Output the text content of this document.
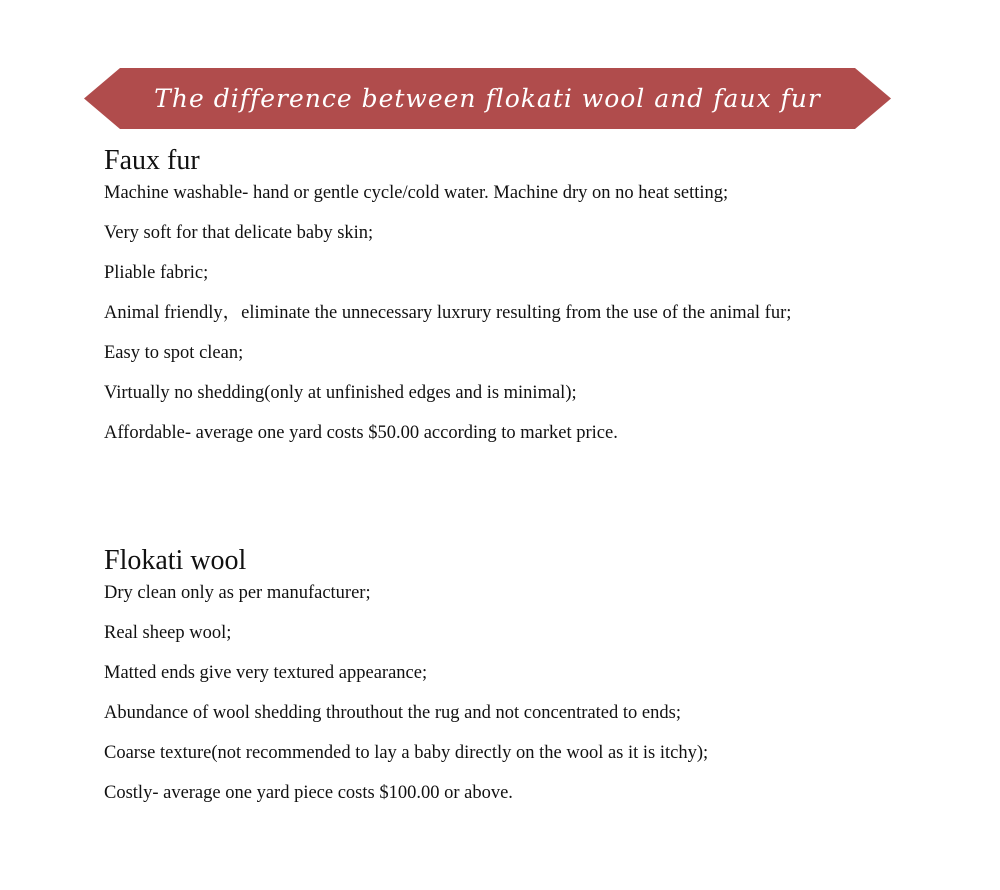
The difference between flokati wool and faux fur
Faux fur
Machine washable- hand or gentle cycle/cold water. Machine dry on no heat setting;
Very soft for that delicate baby skin;
Pliable fabric;
Animal friendly，eliminate the unnecessary luxrury resulting from the use of the animal fur;
Easy to spot clean;
Virtually no shedding(only at unfinished edges and is minimal);
Affordable- average one yard costs $50.00 according to market price.
Flokati wool
Dry clean only as per manufacturer;
Real sheep wool;
Matted ends give very textured appearance;
Abundance of wool shedding throuthout the rug and not concentrated to ends;
Coarse texture(not recommended to lay a baby directly on the wool as it is itchy);
Costly- average one yard piece costs $100.00 or above.
